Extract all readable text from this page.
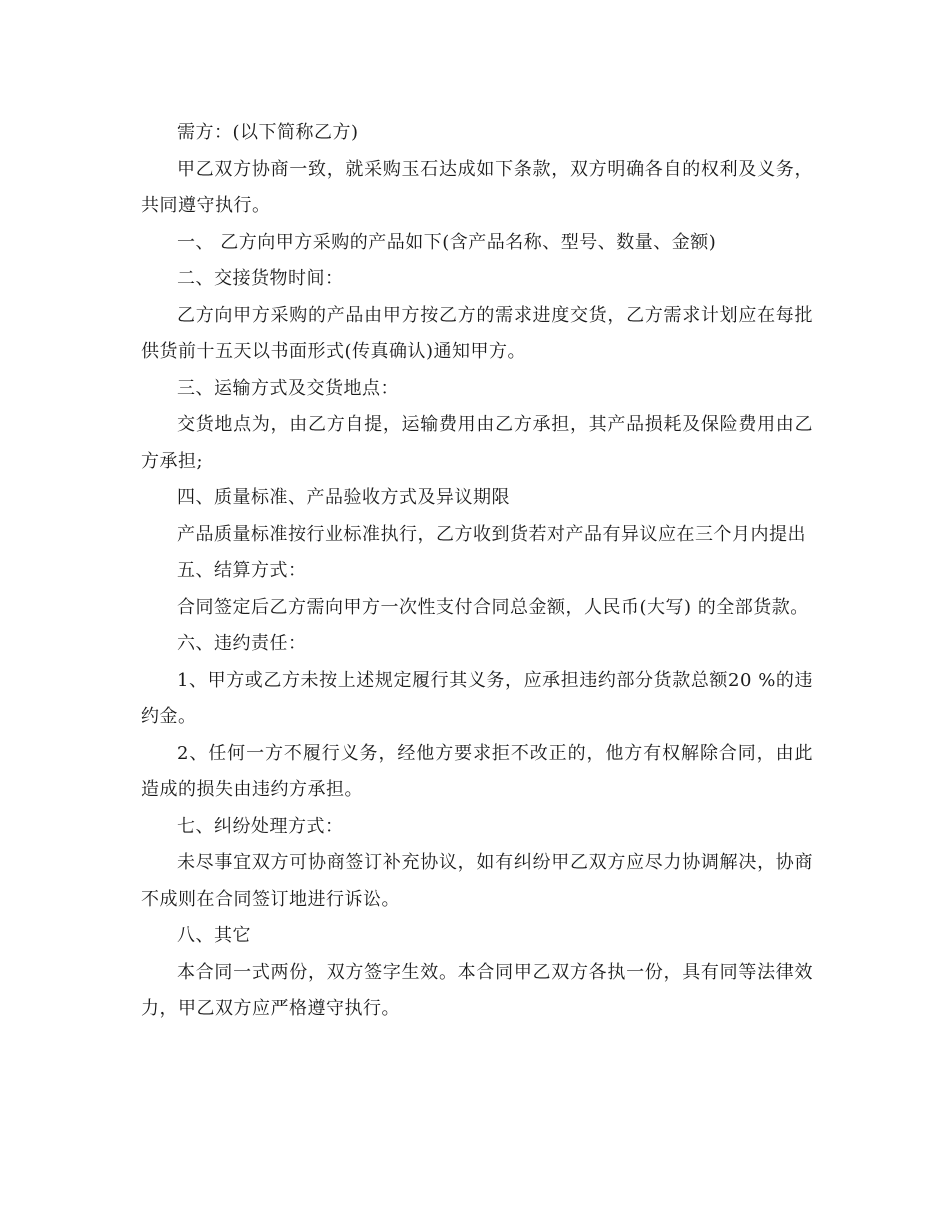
需方：(以下简称乙方)

甲乙双方协商一致，就采购玉石达成如下条款，双方明确各自的权利及义务，共同遵守执行。

一、 乙方向甲方采购的产品如下(含产品名称、型号、数量、金额)

二、交接货物时间：

乙方向甲方采购的产品由甲方按乙方的需求进度交货，乙方需求计划应在每批供货前十五天以书面形式(传真确认)通知甲方。

三、运输方式及交货地点：

交货地点为，由乙方自提，运输费用由乙方承担，其产品损耗及保险费用由乙方承担;

四、质量标准、产品验收方式及异议期限

产品质量标准按行业标准执行，乙方收到货若对产品有异议应在三个月内提出

五、结算方式：

合同签定后乙方需向甲方一次性支付合同总金额，人民币(大写) 的全部货款。

六、违约责任：

1、甲方或乙方未按上述规定履行其义务，应承担违约部分货款总额20 %的违约金。

2、任何一方不履行义务，经他方要求拒不改正的，他方有权解除合同，由此造成的损失由违约方承担。

七、纠纷处理方式：

未尽事宜双方可协商签订补充协议，如有纠纷甲乙双方应尽力协调解决，协商不成则在合同签订地进行诉讼。

八、其它

本合同一式两份，双方签字生效。本合同甲乙双方各执一份，具有同等法律效力，甲乙双方应严格遵守执行。
